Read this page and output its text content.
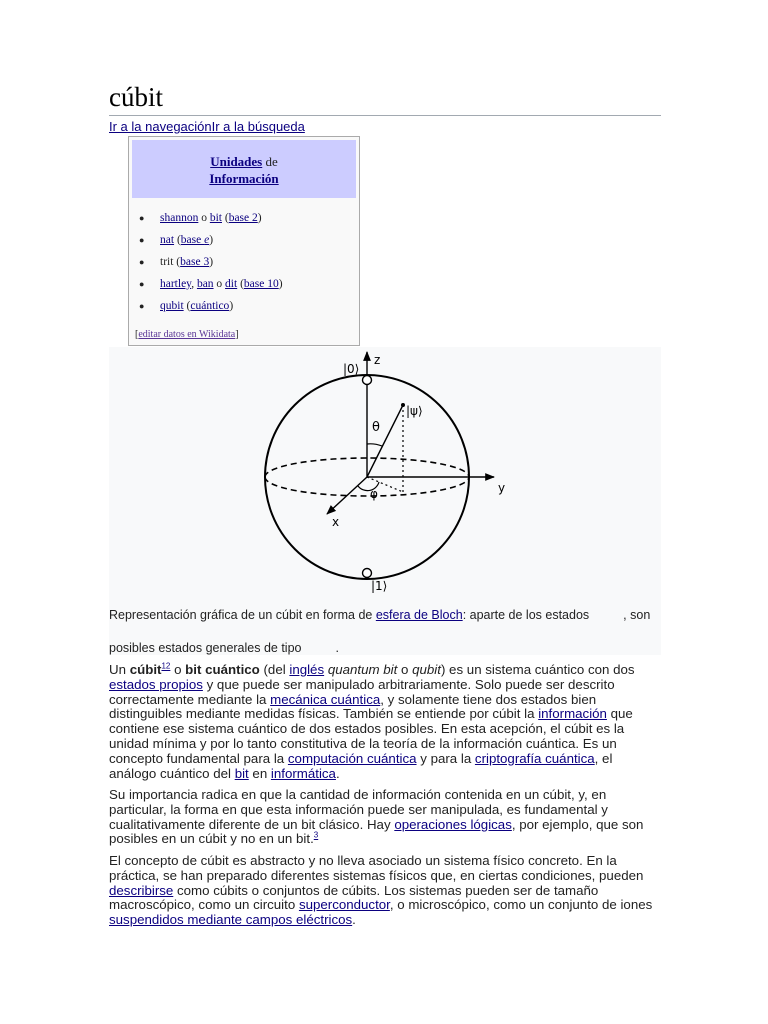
cúbit
Ir a la navegaciónIr a la búsqueda
Unidades de
Información
● shannon o bit (base 2)
● nat (base e)
● trit (base 3)
● hartley, ban o dit (base 10)
● qubit (cuántico)
[editar datos en Wikidata]
z
y
x
|0⟩
|1⟩
|ψ⟩
θ
φ
Representación gráfica de un cúbit en forma de esfera de Bloch: aparte de los estados	, son
posibles estados generales de tipo	.

Un cúbit$^{12}$ o bit cuántico (del inglés quantum bit o qubit) es un sistema cuántico con dos estados propios y que puede ser manipulado arbitrariamente. Solo puede ser descrito correctamente mediante la mecánica cuántica, y solamente tiene dos estados bien distinguibles mediante medidas físicas. También se entiende por cúbit la información que contiene ese sistema cuántico de dos estados posibles. En esta acepción, el cúbit es la unidad mínima y por lo tanto constitutiva de la teoría de la información cuántica. Es un concepto fundamental para la computación cuántica y para la criptografía cuántica, el análogo cuántico del bit en informática.

Su importancia radica en que la cantidad de información contenida en un cúbit, y, en particular, la forma en que esta información puede ser manipulada, es fundamental y cualitativamente diferente de un bit clásico. Hay operaciones lógicas, por ejemplo, que son posibles en un cúbit y no en un bit.$^3$

El concepto de cúbit es abstracto y no lleva asociado un sistema físico concreto. En la práctica, se han preparado diferentes sistemas físicos que, en ciertas condiciones, pueden describirse como cúbits o conjuntos de cúbits. Los sistemas pueden ser de tamaño macroscópico, como un circuito superconductor, o microscópico, como un conjunto de iones suspendidos mediante campos eléctricos.
